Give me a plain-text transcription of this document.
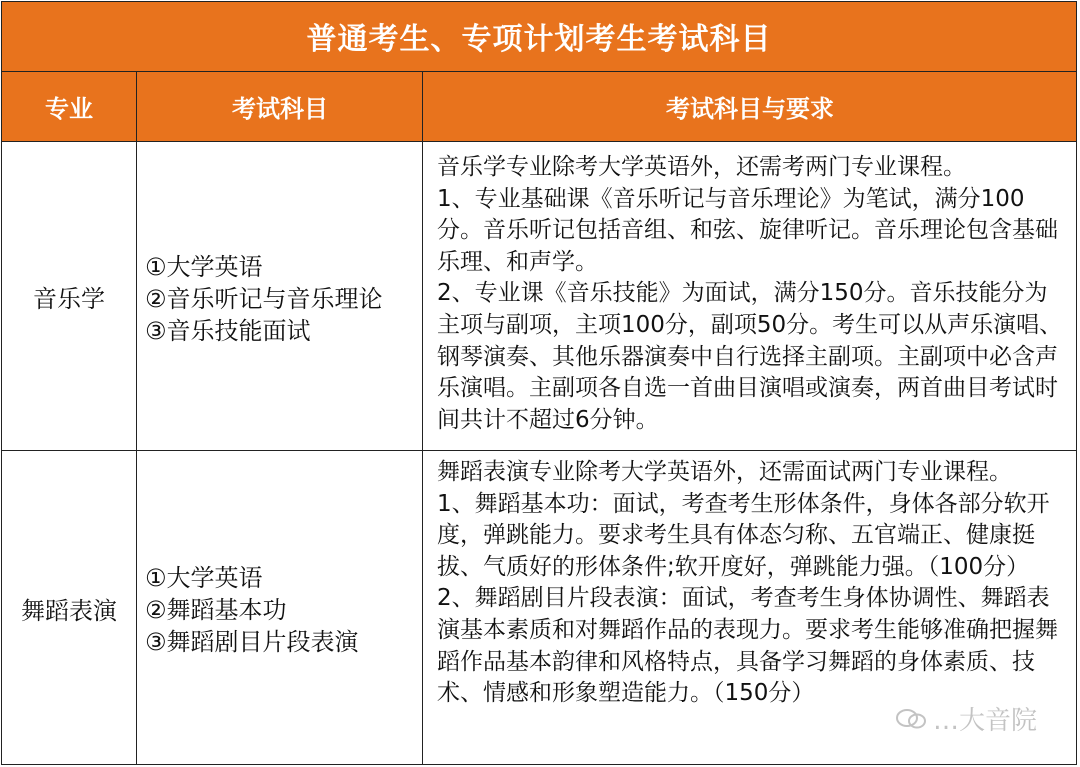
普通考生、专项计划考生考试科目
专业	考试科目	考试科目与要求
音乐学
①大学英语
②音乐听记与音乐理论
③音乐技能面试

音乐学专业除考大学英语外，还需考两门专业课程。

1、专业基础课《音乐听记与音乐理论》为笔试，满分100分。音乐听记包括音组、和弦、旋律听记。音乐理论包含基础乐理、和声学。

2、专业课《音乐技能》为面试，满分150分。音乐技能分为主项与副项，主项100分，副项50分。考生可以从声乐演唱、钢琴演奏、其他乐器演奏中自行选择主副项。主副项中必含声乐演唱。主副项各自选一首曲目演唱或演奏，两首曲目考试时间共计不超过6分钟。

舞蹈表演
①大学英语
②舞蹈基本功
③舞蹈剧目片段表演

舞蹈表演专业除考大学英语外，还需面试两门专业课程。

1、舞蹈基本功：面试，考查考生形体条件，身体各部分软开度，弹跳能力。要求考生具有体态匀称、五官端正、健康挺拔、气质好的形体条件;软开度好，弹跳能力强。（100分）

2、舞蹈剧目片段表演：面试，考查考生身体协调性、舞蹈表演基本素质和对舞蹈作品的表现力。要求考生能够准确把握舞蹈作品基本韵律和风格特点，具备学习舞蹈的身体素质、技术、情感和形象塑造能力。（150分）

…大音院
